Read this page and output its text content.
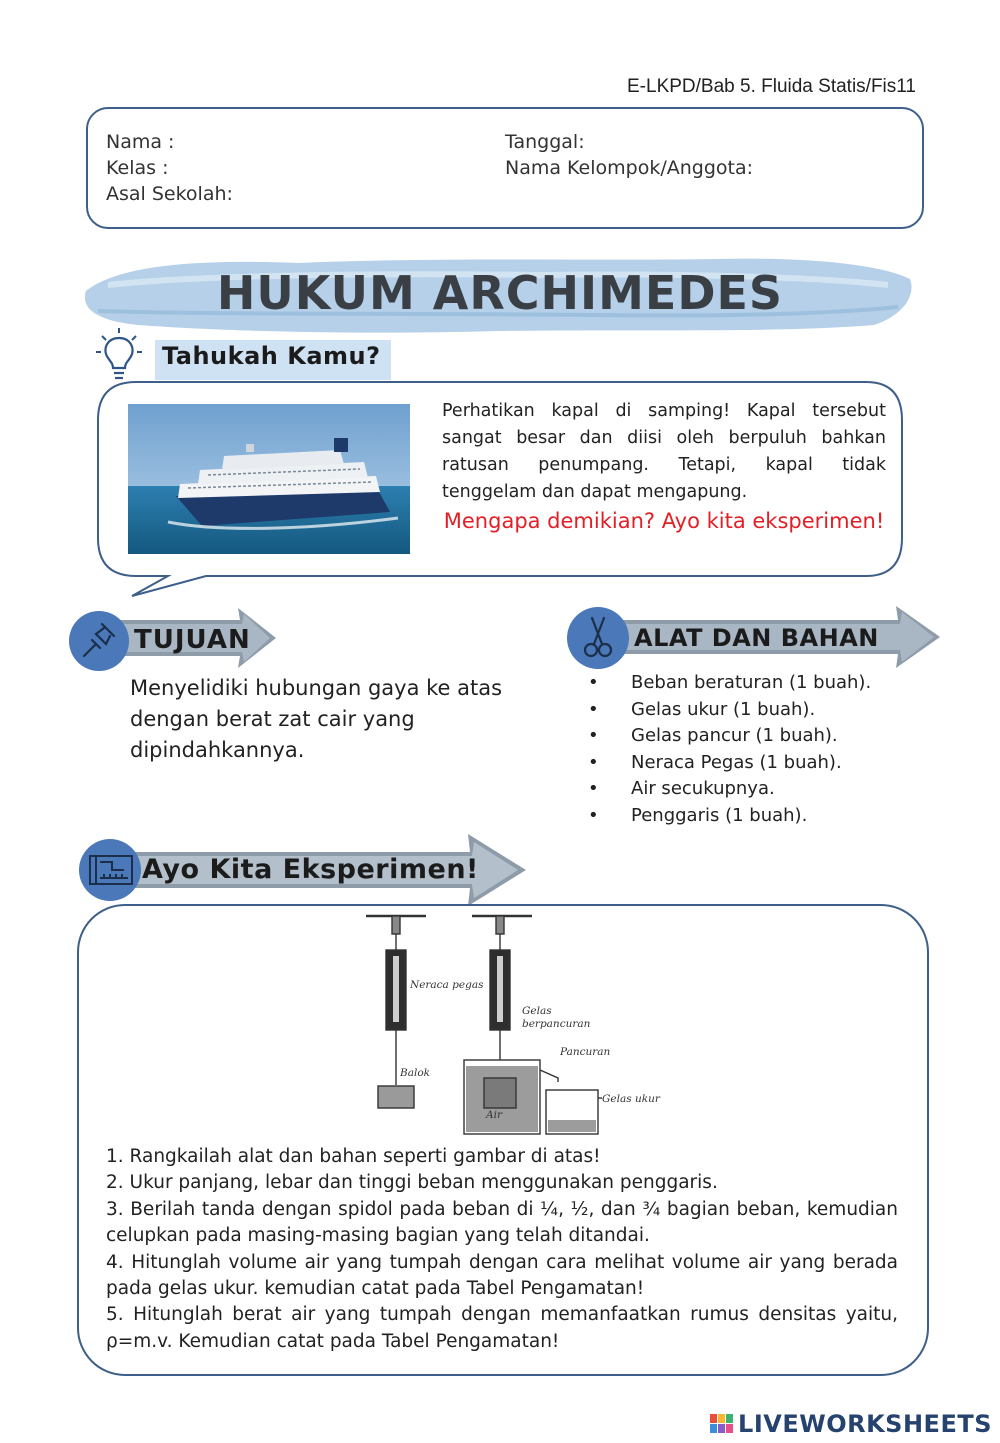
E-LKPD/Bab 5. Fluida Statis/Fis11
Nama :
Kelas :
Asal Sekolah:
Tanggal:
Nama Kelompok/Anggota:
HUKUM ARCHIMEDES
Tahukah Kamu?
Perhatikan kapal di samping! Kapal tersebut sangat besar dan diisi oleh berpuluh bahkan ratusan penumpang. Tetapi, kapal tidak tenggelam dan dapat mengapung.
Mengapa demikian? Ayo kita eksperimen!
TUJUAN
Menyelidiki hubungan gaya ke atas dengan berat zat cair yang dipindahkannya.
ALAT DAN BAHAN
• Beban beraturan (1 buah).
• Gelas ukur (1 buah).
• Gelas pancur (1 buah).
• Neraca Pegas (1 buah).
• Air secukupnya.
• Penggaris (1 buah).
Ayo Kita Eksperimen!
Neraca pegas
Balok
Gelas berpancuran
Pancuran
Air
Gelas ukur

1. Rangkailah alat dan bahan seperti gambar di atas!

2. Ukur panjang, lebar dan tinggi beban menggunakan penggaris.

3. Berilah tanda dengan spidol pada beban di ¼, ½, dan ¾ bagian beban, kemudian celupkan pada masing-masing bagian yang telah ditandai.

4. Hitunglah volume air yang tumpah dengan cara melihat volume air yang berada pada gelas ukur. kemudian catat pada Tabel Pengamatan!

5. Hitunglah berat air yang tumpah dengan memanfaatkan rumus densitas yaitu, ρ=m.v. Kemudian catat pada Tabel Pengamatan!

LIVEWORKSHEETS
